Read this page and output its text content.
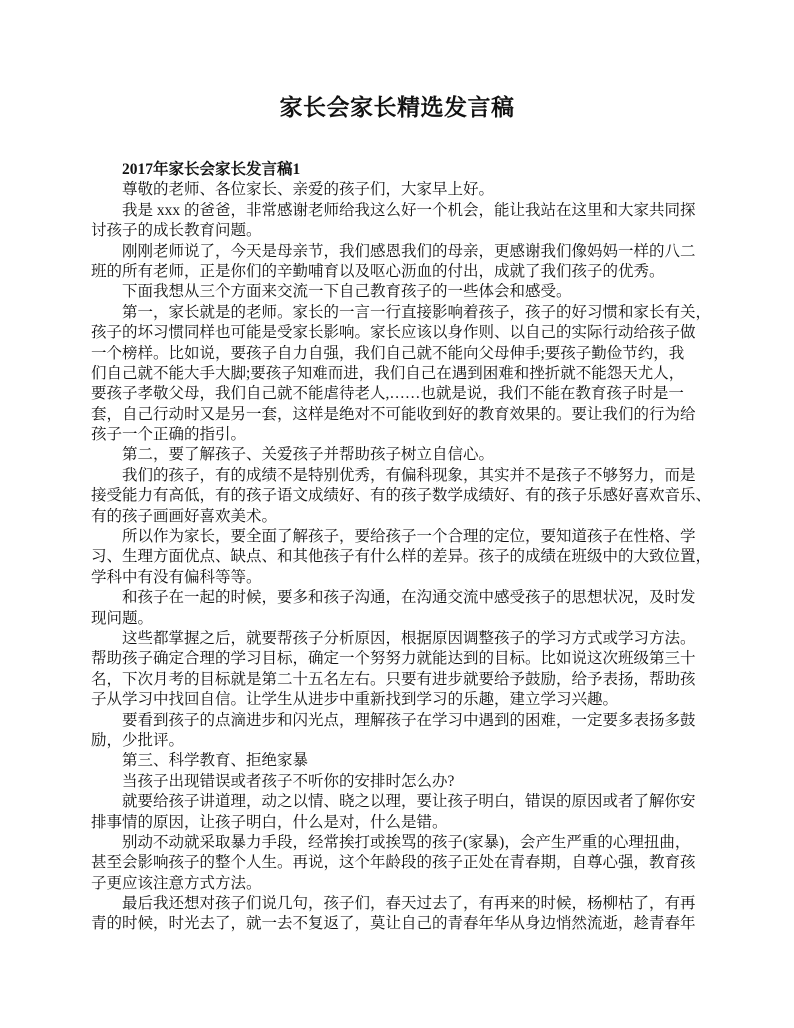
家长会家长精选发言稿
2017年家长会家长发言稿1
尊敬的老师、各位家长、亲爱的孩子们，大家早上好。
我是 xxx 的爸爸，非常感谢老师给我这么好一个机会，能让我站在这里和大家共同探
讨孩子的成长教育问题。
刚刚老师说了，今天是母亲节，我们感恩我们的母亲，更感谢我们像妈妈一样的八二
班的所有老师，正是你们的辛勤哺育以及呕心沥血的付出，成就了我们孩子的优秀。
下面我想从三个方面来交流一下自己教育孩子的一些体会和感受。
第一，家长就是的老师。家长的一言一行直接影响着孩子，孩子的好习惯和家长有关，
孩子的坏习惯同样也可能是受家长影响。家长应该以身作则、以自己的实际行动给孩子做
一个榜样。比如说，要孩子自力自强，我们自己就不能向父母伸手;要孩子勤俭节约，我
们自己就不能大手大脚;要孩子知难而进，我们自己在遇到困难和挫折就不能怨天尤人，
要孩子孝敬父母，我们自己就不能虐待老人,……也就是说，我们不能在教育孩子时是一
套，自己行动时又是另一套，这样是绝对不可能收到好的教育效果的。要让我们的行为给
孩子一个正确的指引。
第二，要了解孩子、关爱孩子并帮助孩子树立自信心。
我们的孩子，有的成绩不是特别优秀，有偏科现象，其实并不是孩子不够努力，而是
接受能力有高低，有的孩子语文成绩好、有的孩子数学成绩好、有的孩子乐感好喜欢音乐、
有的孩子画画好喜欢美术。
所以作为家长，要全面了解孩子，要给孩子一个合理的定位，要知道孩子在性格、学
习、生理方面优点、缺点、和其他孩子有什么样的差异。孩子的成绩在班级中的大致位置，
学科中有没有偏科等等。
和孩子在一起的时候，要多和孩子沟通，在沟通交流中感受孩子的思想状况，及时发
现问题。
这些都掌握之后，就要帮孩子分析原因，根据原因调整孩子的学习方式或学习方法。
帮助孩子确定合理的学习目标，确定一个努努力就能达到的目标。比如说这次班级第三十
名，下次月考的目标就是第二十五名左右。只要有进步就要给予鼓励，给予表扬，帮助孩
子从学习中找回自信。让学生从进步中重新找到学习的乐趣，建立学习兴趣。
要看到孩子的点滴进步和闪光点，理解孩子在学习中遇到的困难，一定要多表扬多鼓
励，少批评。
第三、科学教育、拒绝家暴
当孩子出现错误或者孩子不听你的安排时怎么办?
就要给孩子讲道理，动之以情、晓之以理，要让孩子明白，错误的原因或者了解你安
排事情的原因，让孩子明白，什么是对，什么是错。
别动不动就采取暴力手段，经常挨打或挨骂的孩子(家暴)，会产生严重的心理扭曲，
甚至会影响孩子的整个人生。再说，这个年龄段的孩子正处在青春期，自尊心强，教育孩
子更应该注意方式方法。
最后我还想对孩子们说几句，孩子们，春天过去了，有再来的时候，杨柳枯了，有再
青的时候，时光去了，就一去不复返了，莫让自己的青春年华从身边悄然流逝，趁青春年
